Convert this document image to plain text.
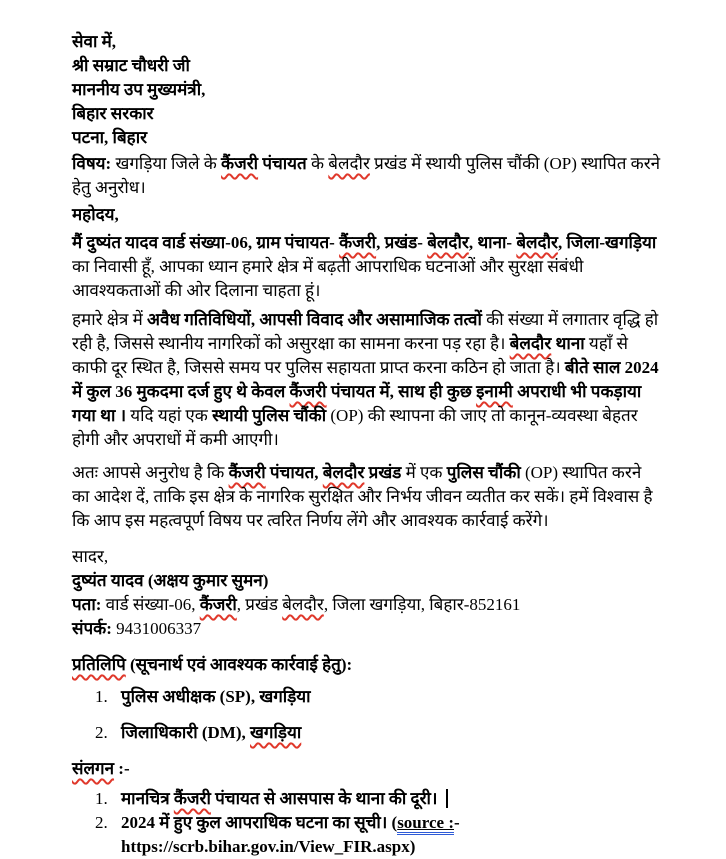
सेवा में,
श्री सम्राट चौधरी जी
माननीय उप मुख्यमंत्री,
बिहार सरकार
पटना, बिहार

विषय: खगड़िया जिले के कैंजरी पंचायत के बेलदौर प्रखंड में स्थायी पुलिस चौंकी (OP) स्थापित करने हेतु अनुरोध।

महोदय,

मैं दुष्यंत यादव वार्ड संख्या-06, ग्राम पंचायत- कैंजरी, प्रखंड- बेलदौर, थाना- बेलदौर, जिला-खगड़िया का निवासी हूँ, आपका ध्यान हमारे क्षेत्र में बढ़ती आपराधिक घटनाओं और सुरक्षा संबंधी आवश्यकताओं की ओर दिलाना चाहता हूं।

हमारे क्षेत्र में अवैध गतिविधियों, आपसी विवाद और असामाजिक तत्वों की संख्या में लगातार वृद्धि हो रही है, जिससे स्थानीय नागरिकों को असुरक्षा का सामना करना पड़ रहा है। बेलदौर थाना यहाँ से काफी दूर स्थित है, जिससे समय पर पुलिस सहायता प्राप्त करना कठिन हो जाता है। बीते साल 2024 में कुल 36 मुकदमा दर्ज हुए थे केवल कैंजरी पंचायत में, साथ ही कुछ इनामी अपराधी भी पकड़ाया गया था । यदि यहां एक स्थायी पुलिस चौंकी (OP) की स्थापना की जाए तो कानून-व्यवस्था बेहतर होगी और अपराधों में कमी आएगी।

अतः आपसे अनुरोध है कि कैंजरी पंचायत, बेलदौर प्रखंड में एक पुलिस चौंकी (OP) स्थापित करने का आदेश दें, ताकि इस क्षेत्र के नागरिक सुरक्षित और निर्भय जीवन व्यतीत कर सकें। हमें विश्वास है कि आप इस महत्वपूर्ण विषय पर त्वरित निर्णय लेंगे और आवश्यक कार्रवाई करेंगे।

सादर,
दुष्यंत यादव (अक्षय कुमार सुमन)
पता: वार्ड संख्या-06, कैंजरी, प्रखंड बेलदौर, जिला खगड़िया, बिहार-852161
संपर्क: 9431006337

प्रतिलिपि (सूचनार्थ एवं आवश्यक कार्रवाई हेतु):

1. पुलिस अधीक्षक (SP), खगड़िया
2. जिलाधिकारी (DM), खगड़िया

संलगन :-

1. मानचित्र कैंजरी पंचायत से आसपास के थाना की दूरी।
2. 2024 में हुए कुल आपराधिक घटना का सूची। (source :-
https://scrb.bihar.gov.in/View_FIR.aspx)
